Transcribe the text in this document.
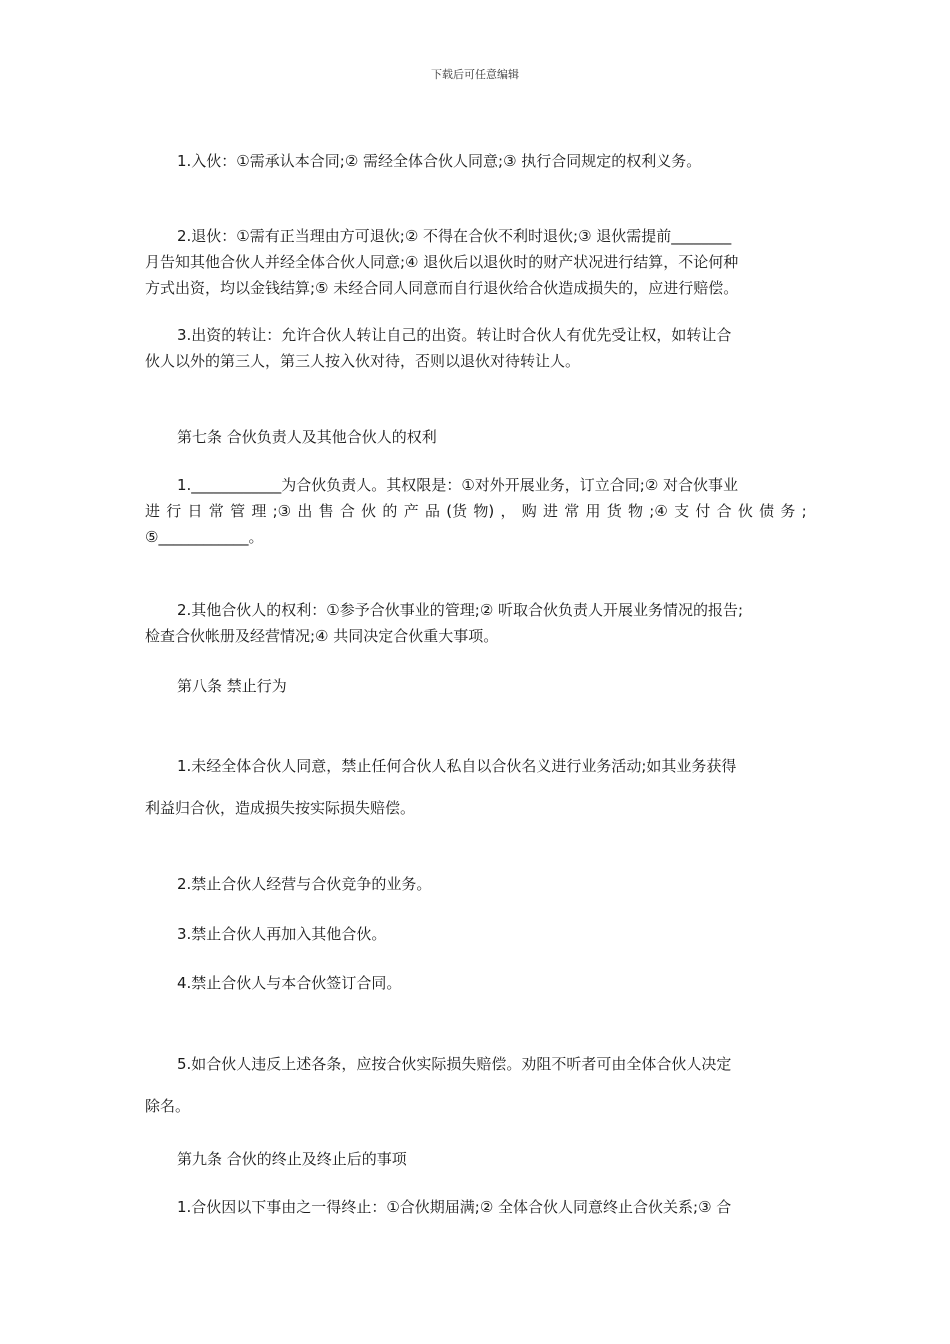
下载后可任意编辑

1.入伙：①需承认本合同;② 需经全体合伙人同意;③ 执行合同规定的权利义务。

2.退伙：①需有正当理由方可退伙;② 不得在合伙不利时退伙;③ 退伙需提前________
月告知其他合伙人并经全体合伙人同意;④ 退伙后以退伙时的财产状况进行结算，不论何种
方式出资，均以金钱结算;⑤ 未经合同人同意而自行退伙给合伙造成损失的，应进行赔偿。
3.出资的转让：允许合伙人转让自己的出资。转让时合伙人有优先受让权，如转让合
伙人以外的第三人，第三人按入伙对待，否则以退伙对待转让人。

第七条 合伙负责人及其他合伙人的权利

1.____________为合伙负责人。其权限是：①对外开展业务，订立合同;② 对合伙事业
进 行 日 常 管 理 ;③ 出 售 合 伙 的 产 品 (货 物) ， 购 进 常 用 货 物 ;④ 支 付 合 伙 债 务 ;
⑤____________。
2.其他合伙人的权利：①参予合伙事业的管理;② 听取合伙负责人开展业务情况的报告;
检查合伙帐册及经营情况;④ 共同决定合伙重大事项。

第八条 禁止行为

1.未经全体合伙人同意，禁止任何合伙人私自以合伙名义进行业务活动;如其业务获得
利益归合伙，造成损失按实际损失赔偿。

2.禁止合伙人经营与合伙竞争的业务。

3.禁止合伙人再加入其他合伙。

4.禁止合伙人与本合伙签订合同。

5.如合伙人违反上述各条，应按合伙实际损失赔偿。劝阻不听者可由全体合伙人决定
除名。

第九条 合伙的终止及终止后的事项

1.合伙因以下事由之一得终止：①合伙期届满;② 全体合伙人同意终止合伙关系;③ 合
